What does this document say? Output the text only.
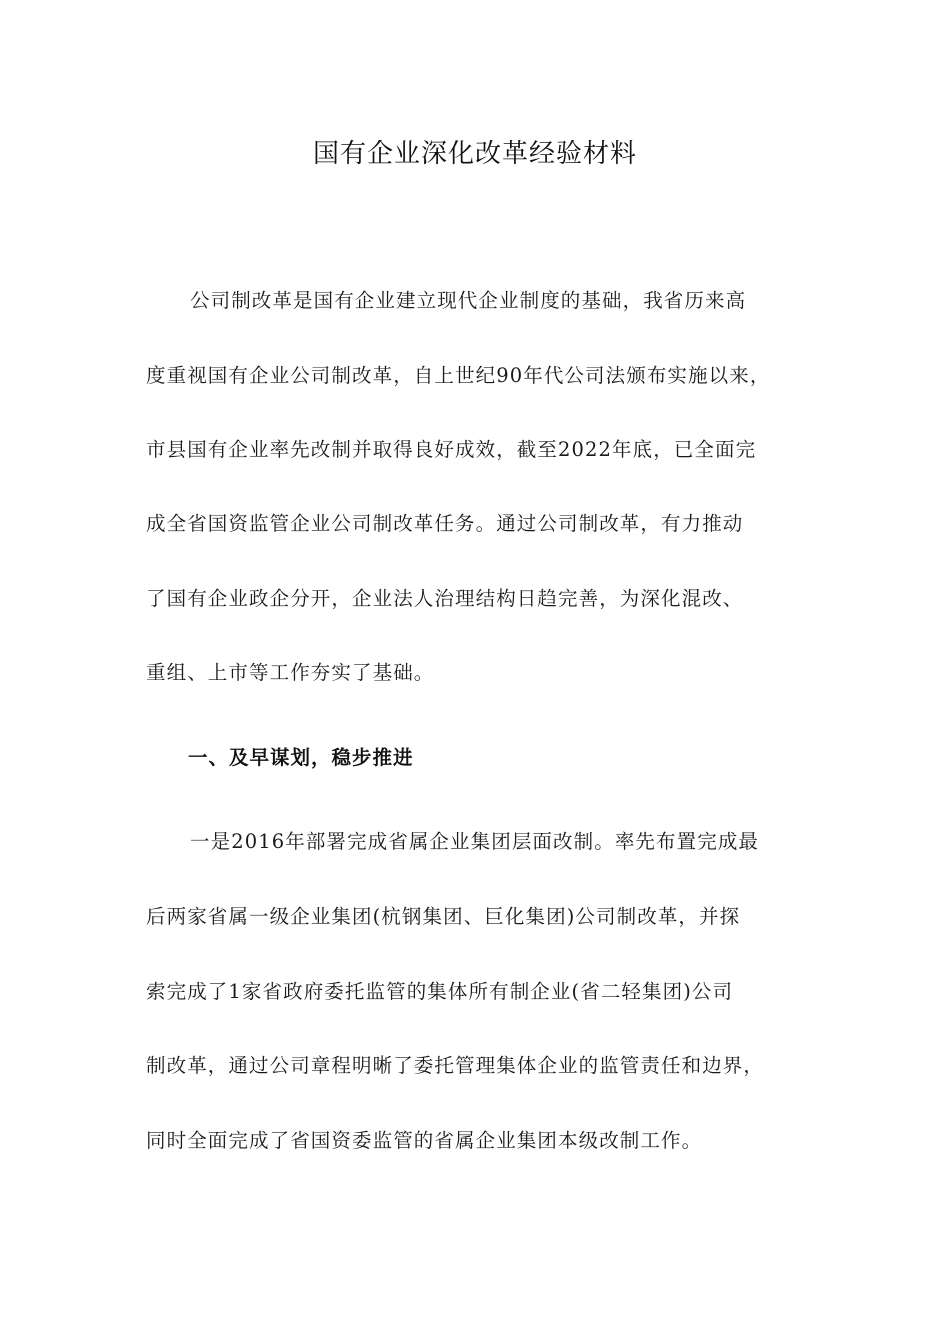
国有企业深化改革经验材料
公司制改革是国有企业建立现代企业制度的基础，我省历来高
度重视国有企业公司制改革，自上世纪90年代公司法颁布实施以来，
市县国有企业率先改制并取得良好成效，截至2022年底，已全面完
成全省国资监管企业公司制改革任务。通过公司制改革，有力推动
了国有企业政企分开，企业法人治理结构日趋完善，为深化混改、
重组、上市等工作夯实了基础。
一、及早谋划，稳步推进
一是2016年部署完成省属企业集团层面改制。率先布置完成最
后两家省属一级企业集团(杭钢集团、巨化集团)公司制改革，并探
索完成了1家省政府委托监管的集体所有制企业(省二轻集团)公司
制改革，通过公司章程明晰了委托管理集体企业的监管责任和边界，
同时全面完成了省国资委监管的省属企业集团本级改制工作。
